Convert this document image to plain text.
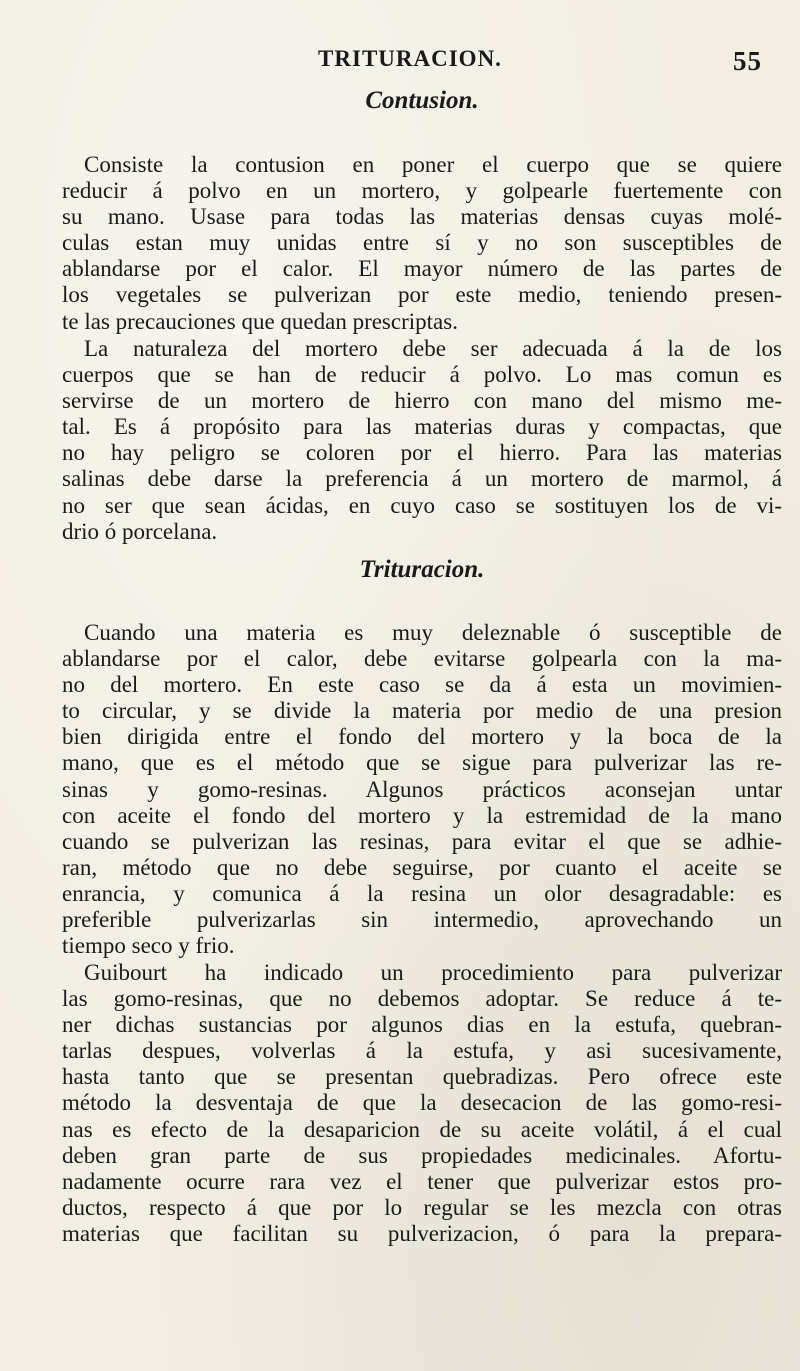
TRITURACION.	55
Contusion.
Consiste la contusion en poner el cuerpo que se quiere
reducir á polvo en un mortero, y golpearle fuertemente con
su mano. Usase para todas las materias densas cuyas molé-
culas estan muy unidas entre sí y no son susceptibles de
ablandarse por el calor. El mayor número de las partes de
los vegetales se pulverizan por este medio, teniendo presen-
te las precauciones que quedan prescriptas.
La naturaleza del mortero debe ser adecuada á la de los
cuerpos que se han de reducir á polvo. Lo mas comun es
servirse de un mortero de hierro con mano del mismo me-
tal. Es á propósito para las materias duras y compactas, que
no hay peligro se coloren por el hierro. Para las materias
salinas debe darse la preferencia á un mortero de marmol, á
no ser que sean ácidas, en cuyo caso se sostituyen los de vi-
drio ó porcelana.
Trituracion.
Cuando una materia es muy deleznable ó susceptible de
ablandarse por el calor, debe evitarse golpearla con la ma-
no del mortero. En este caso se da á esta un movimien-
to circular, y se divide la materia por medio de una presion
bien dirigida entre el fondo del mortero y la boca de la
mano, que es el método que se sigue para pulverizar las re-
sinas y gomo-resinas. Algunos prácticos aconsejan untar
con aceite el fondo del mortero y la estremidad de la mano
cuando se pulverizan las resinas, para evitar el que se adhie-
ran, método que no debe seguirse, por cuanto el aceite se
enrancia, y comunica á la resina un olor desagradable: es
preferible pulverizarlas sin intermedio, aprovechando un
tiempo seco y frio.
Guibourt ha indicado un procedimiento para pulverizar
las gomo-resinas, que no debemos adoptar. Se reduce á te-
ner dichas sustancias por algunos dias en la estufa, quebran-
tarlas despues, volverlas á la estufa, y asi sucesivamente,
hasta tanto que se presentan quebradizas. Pero ofrece este
método la desventaja de que la desecacion de las gomo-resi-
nas es efecto de la desaparicion de su aceite volátil, á el cual
deben gran parte de sus propiedades medicinales. Afortu-
nadamente ocurre rara vez el tener que pulverizar estos pro-
ductos, respecto á que por lo regular se les mezcla con otras
materias que facilitan su pulverizacion, ó para la prepara-
